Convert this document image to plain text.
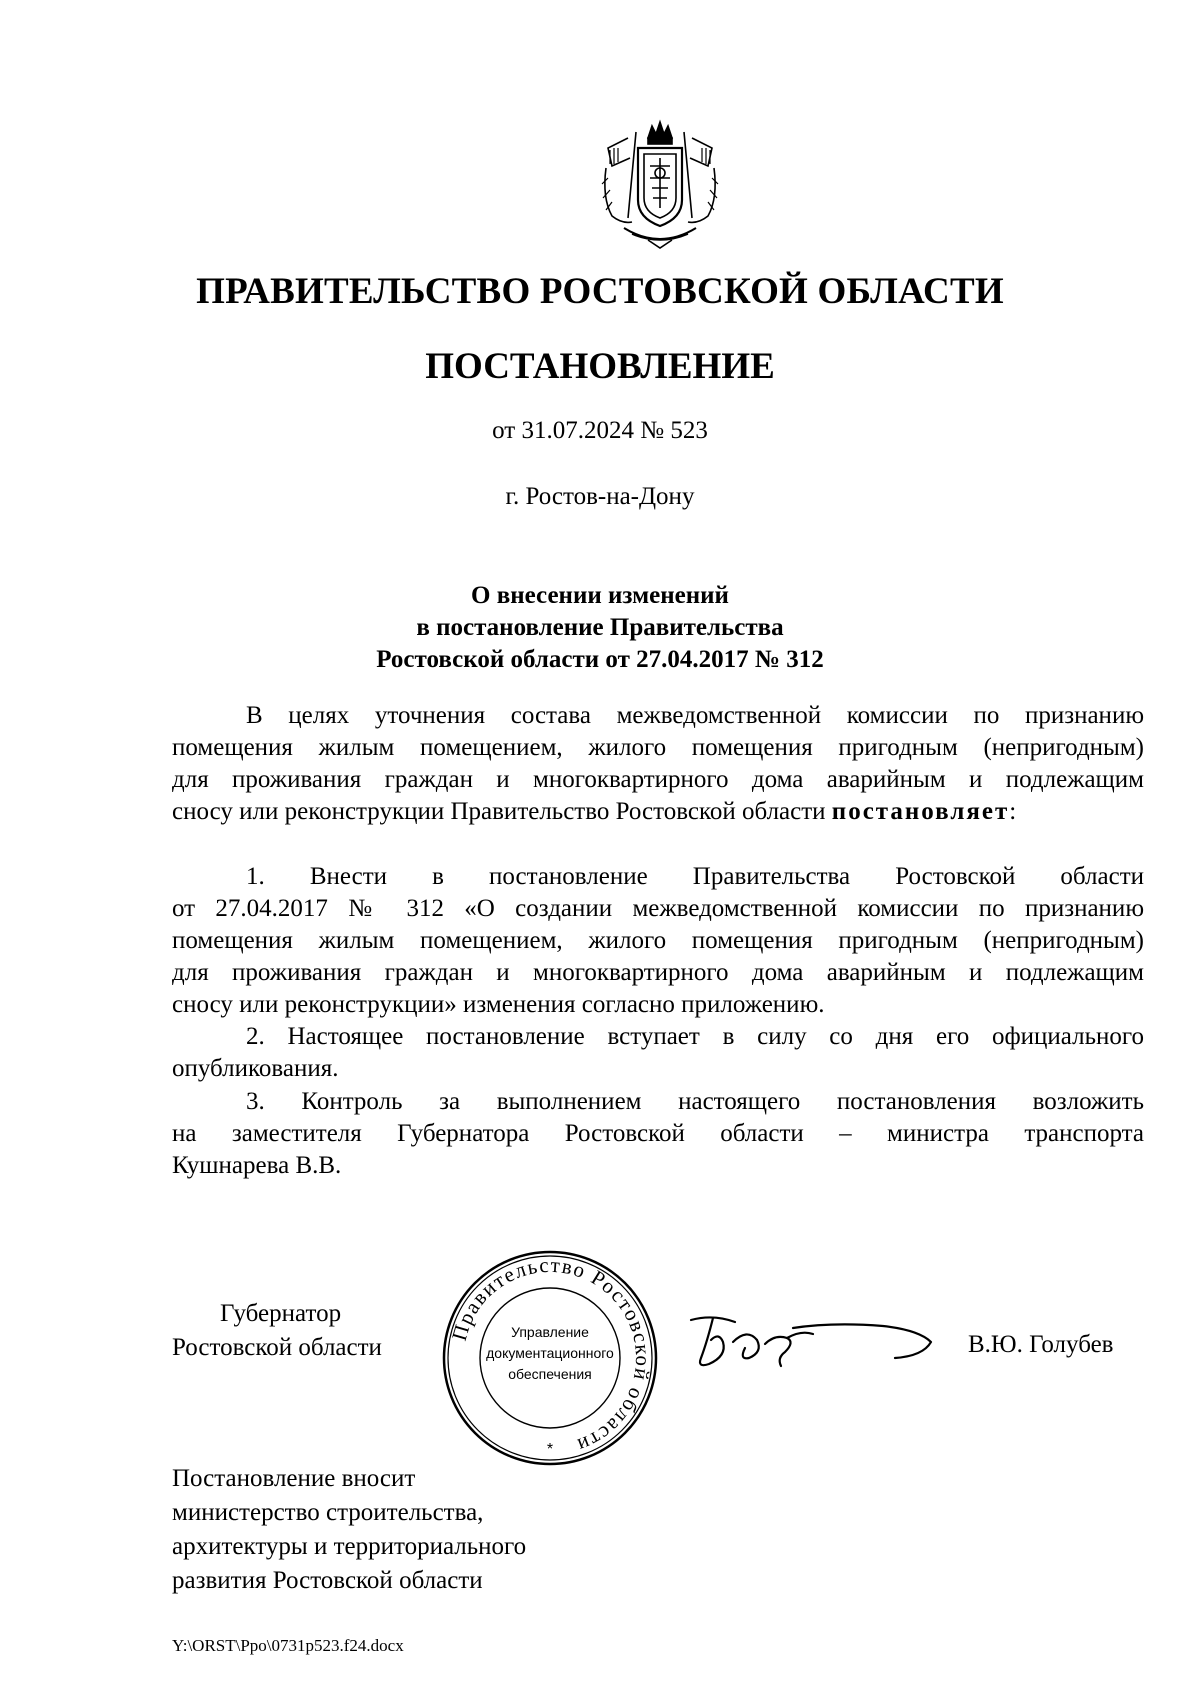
ПРАВИТЕЛЬСТВО РОСТОВСКОЙ ОБЛАСТИ
ПОСТАНОВЛЕНИЕ
от 31.07.2024 № 523
г. Ростов-на-Дону
О внесении изменений
в постановление Правительства
Ростовской области от 27.04.2017 № 312
В целях уточнения состава межведомственной комиссии по признанию
помещения жилым помещением, жилого помещения пригодным (непригодным)
для проживания граждан и многоквартирного дома аварийным и подлежащим
сносу или реконструкции Правительство Ростовской области постановляет:
1. Внести в постановление Правительства Ростовской области
от 27.04.2017 № 312 «О создании межведомственной комиссии по признанию
помещения жилым помещением, жилого помещения пригодным (непригодным)
для проживания граждан и многоквартирного дома аварийным и подлежащим
сносу или реконструкции» изменения согласно приложению.
2. Настоящее постановление вступает в силу со дня его официального
опубликования.
3. Контроль за выполнением настоящего постановления возложить
на заместителя Губернатора Ростовской области – министра транспорта
Кушнарева В.В.
Губернатор
Ростовской области
Правительство Ростовской области
Управление
документационного
обеспечения
*
В.Ю. Голубев
Постановление вносит
министерство строительства,
архитектуры и территориального
развития Ростовской области
Y:\ORST\Ppo\0731p523.f24.docx
